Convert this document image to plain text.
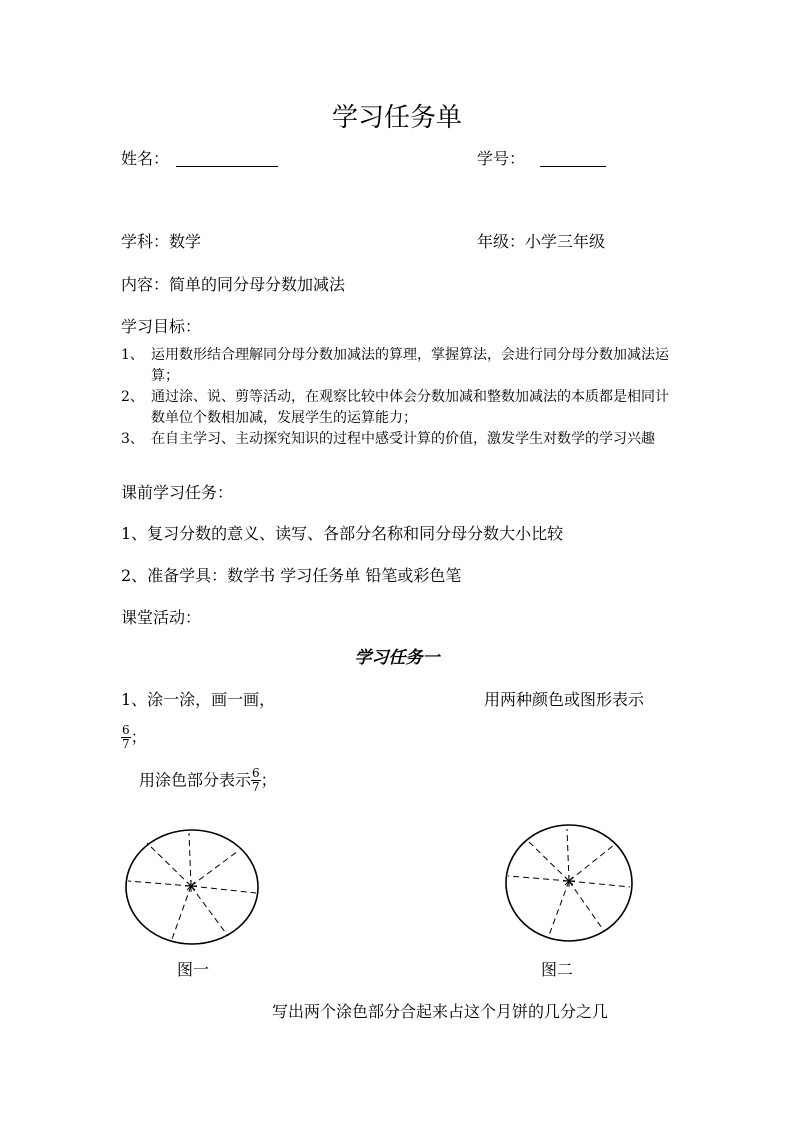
学习任务单
姓名：	学号：
学科：数学	年级：小学三年级
内容：简单的同分母分数加减法
学习目标：
1、 运用数形结合理解同分母分数加减法的算理，掌握算法，会进行同分母分数加减法运算；
2、 通过涂、说、剪等活动，在观察比较中体会分数加减和整数加减法的本质都是相同计数单位个数相加减，发展学生的运算能力；
3、 在自主学习、主动探究知识的过程中感受计算的价值，激发学生对数学的学习兴趣
课前学习任务：
1、复习分数的意义、读写、各部分名称和同分母分数大小比较
2、准备学具：数学书 学习任务单 铅笔或彩色笔
课堂活动：
学习任务一
1、涂一涂，画一画，	用两种颜色或图形表示
$\frac{6}{7}$ ；
用涂色部分表示 $\frac{6}{7}$ ；
图一	图二
写出两个涂色部分合起来占这个月饼的几分之几
